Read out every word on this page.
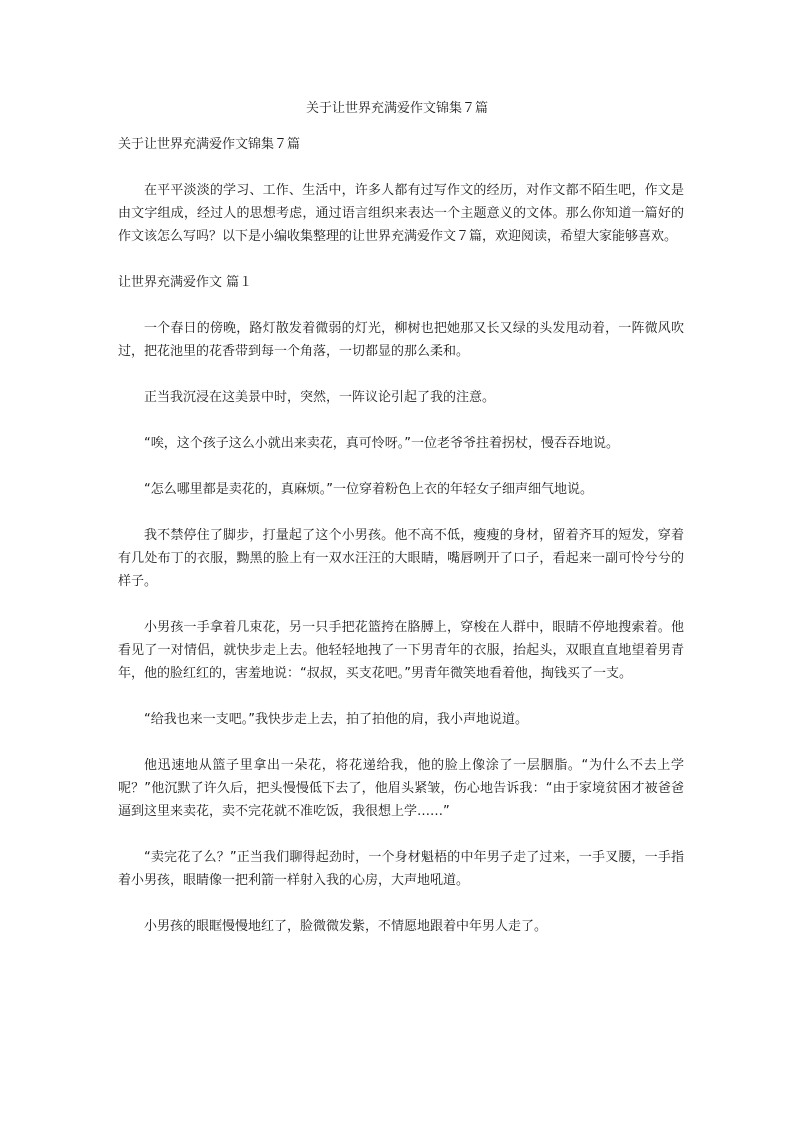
关于让世界充满爱作文锦集７篇

关于让世界充满爱作文锦集７篇

在平平淡淡的学习、工作、生活中，许多人都有过写作文的经历，对作文都不陌生吧，作文是由文字组成，经过人的思想考虑，通过语言组织来表达一个主题意义的文体。那么你知道一篇好的作文该怎么写吗？以下是小编收集整理的让世界充满爱作文７篇，欢迎阅读，希望大家能够喜欢。

让世界充满爱作文 篇１

一个春日的傍晚，路灯散发着微弱的灯光，柳树也把她那又长又绿的头发甩动着，一阵微风吹过，把花池里的花香带到每一个角落，一切都显的那么柔和。

正当我沉浸在这美景中时，突然，一阵议论引起了我的注意。

“唉，这个孩子这么小就出来卖花，真可怜呀。”一位老爷爷拄着拐杖，慢吞吞地说。

“怎么哪里都是卖花的，真麻烦。”一位穿着粉色上衣的年轻女子细声细气地说。

我不禁停住了脚步，打量起了这个小男孩。他不高不低，瘦瘦的身材，留着齐耳的短发，穿着有几处布丁的衣服，黝黑的脸上有一双水汪汪的大眼睛，嘴唇咧开了口子，看起来一副可怜兮兮的样子。

小男孩一手拿着几束花，另一只手把花篮挎在胳膊上，穿梭在人群中，眼睛不停地搜索着。他看见了一对情侣，就快步走上去。他轻轻地拽了一下男青年的衣服，抬起头，双眼直直地望着男青年，他的脸红红的，害羞地说：“叔叔，买支花吧。”男青年微笑地看着他，掏钱买了一支。

“给我也来一支吧。”我快步走上去，拍了拍他的肩，我小声地说道。

他迅速地从篮子里拿出一朵花，将花递给我，他的脸上像涂了一层胭脂。“为什么不去上学呢？”他沉默了许久后，把头慢慢低下去了，他眉头紧皱，伤心地告诉我：“由于家境贫困才被爸爸逼到这里来卖花，卖不完花就不准吃饭，我很想上学……”

“卖完花了么？”正当我们聊得起劲时，一个身材魁梧的中年男子走了过来，一手叉腰，一手指着小男孩，眼睛像一把利箭一样射入我的心房，大声地吼道。

小男孩的眼眶慢慢地红了，脸微微发紫，不情愿地跟着中年男人走了。
